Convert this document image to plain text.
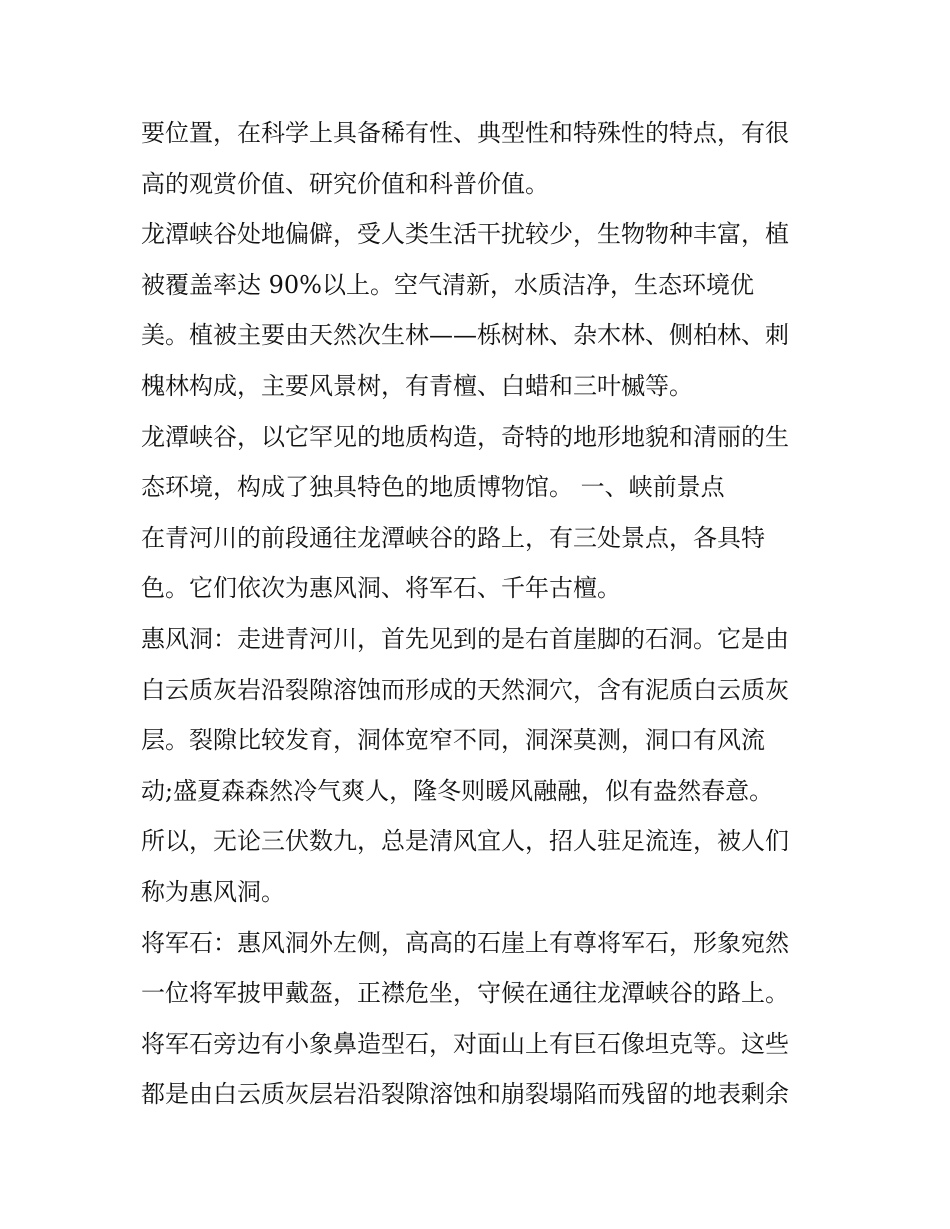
要位置，在科学上具备稀有性、典型性和特殊性的特点，有很
高的观赏价值、研究价值和科普价值。
龙潭峡谷处地偏僻，受人类生活干扰较少，生物物种丰富，植
被覆盖率达 90%以上。空气清新，水质洁净，生态环境优
美。植被主要由天然次生林——栎树林、杂木林、侧柏林、刺
槐林构成，主要风景树，有青檀、白蜡和三叶槭等。
龙潭峡谷，以它罕见的地质构造，奇特的地形地貌和清丽的生
态环境，构成了独具特色的地质博物馆。 一、峡前景点
在青河川的前段通往龙潭峡谷的路上，有三处景点，各具特
色。它们依次为惠风洞、将军石、千年古檀。
惠风洞：走进青河川，首先见到的是右首崖脚的石洞。它是由
白云质灰岩沿裂隙溶蚀而形成的天然洞穴，含有泥质白云质灰
层。裂隙比较发育，洞体宽窄不同，洞深莫测，洞口有风流
动;盛夏森森然冷气爽人，隆冬则暖风融融，似有盎然春意。
所以，无论三伏数九，总是清风宜人，招人驻足流连，被人们
称为惠风洞。
将军石：惠风洞外左侧，高高的石崖上有尊将军石，形象宛然
一位将军披甲戴盔，正襟危坐，守候在通往龙潭峡谷的路上。
将军石旁边有小象鼻造型石，对面山上有巨石像坦克等。这些
都是由白云质灰层岩沿裂隙溶蚀和崩裂塌陷而残留的地表剩余
